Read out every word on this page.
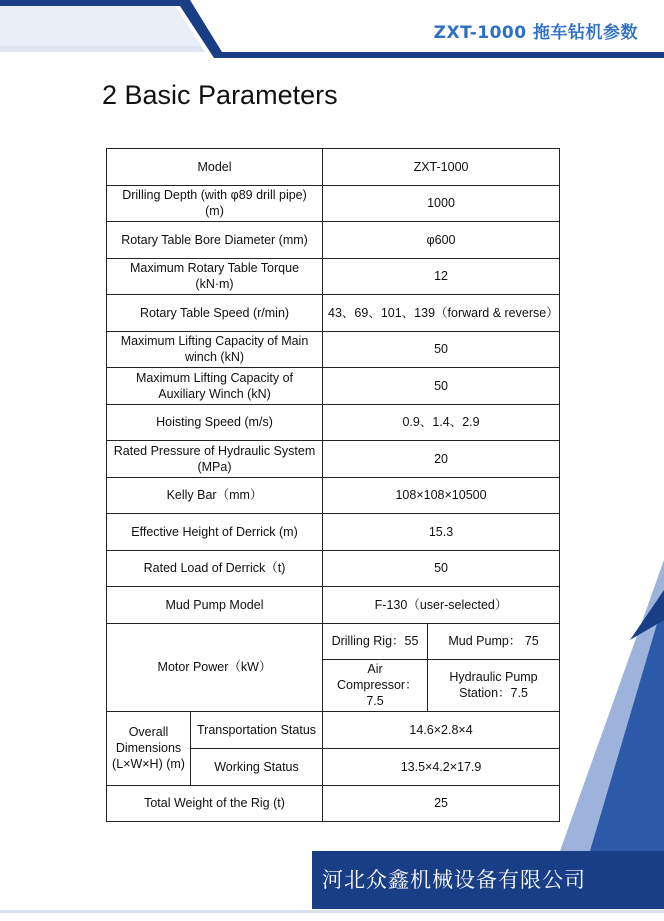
ZXT-1000 拖车钻机参数
2 Basic Parameters
Model		ZXT-1000	
Drilling Depth (with φ89 drill pipe) (m)		1000	
Rotary Table Bore Diameter (mm)		φ600	
Maximum Rotary Table Torque (kN·m)		12	
Rotary Table Speed (r/min)		43、69、101、139（forward & reverse）	
Maximum Lifting Capacity of Main winch (kN)		50	
Maximum Lifting Capacity of Auxiliary Winch (kN)		50	
Hoisting Speed (m/s)		0.9、1.4、2.9	
Rated Pressure of Hydraulic System (MPa)		20	
Kelly Bar（mm）		108×108×10500	
Effective Height of Derrick (m)		15.3	
Rated Load of Derrick（t)		50	
Mud Pump Model		F-130（user-selected）	
Motor Power（kW）		Drilling Rig：55	Mud Pump： 75
		Air Compressor：7.5	Hydraulic Pump Station：7.5
Overall Dimensions (L×W×H) (m)	Transportation Status	14.6×2.8×4	
	Working Status	13.5×4.2×17.9	
Total Weight of the Rig (t)		25	
河北众鑫机械设备有限公司
